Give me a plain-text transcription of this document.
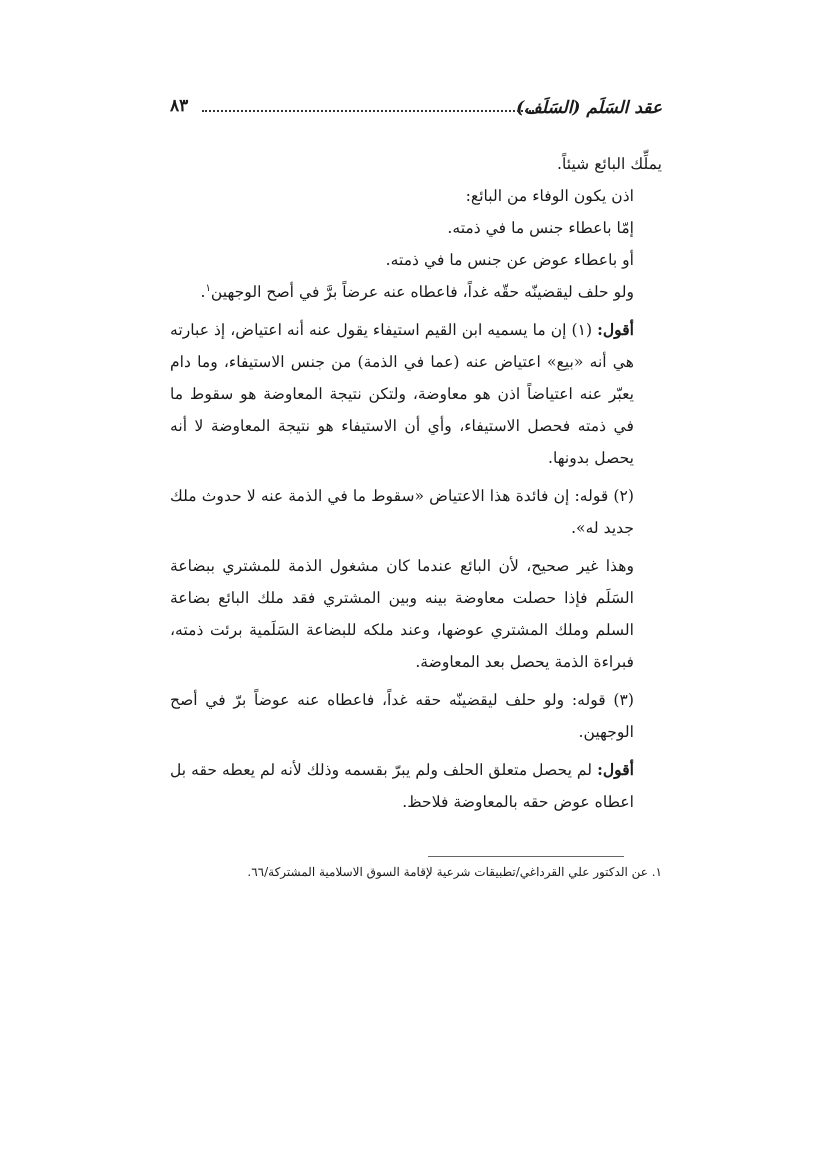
عقد السَلَم (السَلَف)
٨٣

يملِّك البائع شيئاً.

اذن يكون الوفاء من البائع:

إمّا باعطاء جنس ما في ذمته.

أو باعطاء عوض عن جنس ما في ذمته.

ولو حلف ليقضينّه حقّه غداً، فاعطاه عنه عرضاً برَّ في أصح الوجهين$^١$.

أقول: (١) إن ما يسميه ابن القيم استيفاء يقول عنه أنه اعتياض، إذ عبارته هي أنه «بيع» اعتياض عنه (عما في الذمة) من جنس الاستيفاء، وما دام يعبّر عنه اعتياضاً اذن هو معاوضة، ولتكن نتيجة المعاوضة هو سقوط ما في ذمته فحصل الاستيفاء، وأي أن الاستيفاء هو نتيجة المعاوضة لا أنه يحصل بدونها.

(٢) قوله: إن فائدة هذا الاعتياض «سقوط ما في الذمة عنه لا حدوث ملك جديد له».

وهذا غير صحيح، لأن البائع عندما كان مشغول الذمة للمشتري ببضاعة السَلَم فإذا حصلت معاوضة بينه وبين المشتري فقد ملك البائع بضاعة السلم وملك المشتري عوضها، وعند ملكه للبضاعة السَلَمية برئت ذمته، فبراءة الذمة يحصل بعد المعاوضة.

(٣) قوله: ولو حلف ليقضينّه حقه غداً، فاعطاه عنه عوضاً برّ في أصح الوجهين.

أقول: لم يحصل متعلق الحلف ولم يبرّ بقسمه وذلك لأنه لم يعطه حقه بل اعطاه عوض حقه بالمعاوضة فلاحظ.

١. عن الدكتور علي القرداغي/تطبيقات شرعية لإقامة السوق الاسلامية المشتركة/٦٦.
